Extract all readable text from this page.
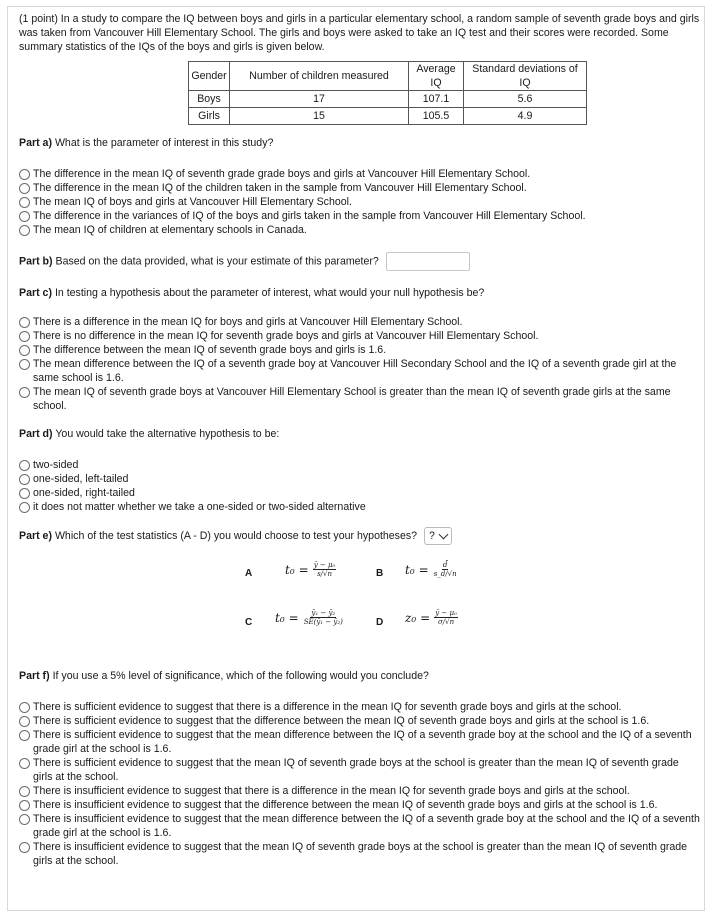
(1 point) In a study to compare the IQ between boys and girls in a particular elementary school, a random sample of seventh grade boys and girls was taken from Vancouver Hill Elementary School. The girls and boys were asked to take an IQ test and their scores were recorded. Some summary statistics of the IQs of the boys and girls is given below.

Gender	Number of children measured	Average IQ	Standard deviations of IQ
Boys	17	107.1	5.6
Girls	15	105.5	4.9

Part a) What is the parameter of interest in this study?

The difference in the mean IQ of seventh grade grade boys and girls at Vancouver Hill Elementary School.
The difference in the mean IQ of the children taken in the sample from Vancouver Hill Elementary School.
The mean IQ of boys and girls at Vancouver Hill Elementary School.
The difference in the variances of IQ of the boys and girls taken in the sample from Vancouver Hill Elementary School.
The mean IQ of children at elementary schools in Canada.

Part b) Based on the data provided, what is your estimate of this parameter?

Part c) In testing a hypothesis about the parameter of interest, what would your null hypothesis be?

There is a difference in the mean IQ for boys and girls at Vancouver Hill Elementary School.
There is no difference in the mean IQ for seventh grade boys and girls at Vancouver Hill Elementary School.
The difference between the mean IQ of seventh grade boys and girls is 1.6.
The mean difference between the IQ of a seventh grade boy at Vancouver Hill Secondary School and the IQ of a seventh grade girl at the same school is 1.6.
The mean IQ of seventh grade boys at Vancouver Hill Elementary School is greater than the mean IQ of seventh grade girls at the same school.

Part d) You would take the alternative hypothesis to be:

two-sided
one-sided, left-tailed
one-sided, right-tailed
it does not matter whether we take a one-sided or two-sided alternative

Part e) Which of the test statistics (A - D) you would choose to test your hypotheses? ?

A	$t_0 = \frac{\text{ȳ − μ₀}}{s/√n}$	B $t_0 = \frac{d̄}{s\_d/√n}$
C $t_0 = \frac{\text{ȳ₁ − ȳ₂}}{\text{SE(ȳ₁ − ȳ₂)}}$	D $z_0 = \frac{\text{ȳ − μ₀}}{\sigma/√n}$

Part f) If you use a 5% level of significance, which of the following would you conclude?

There is sufficient evidence to suggest that there is a difference in the mean IQ for seventh grade boys and girls at the school.
There is sufficient evidence to suggest that the difference between the mean IQ of seventh grade boys and girls at the school is 1.6.
There is sufficient evidence to suggest that the mean difference between the IQ of a seventh grade boy at the school and the IQ of a seventh grade girl at the school is 1.6.
There is sufficient evidence to suggest that the mean IQ of seventh grade boys at the school is greater than the mean IQ of seventh grade girls at the school.
There is insufficient evidence to suggest that there is a difference in the mean IQ for seventh grade boys and girls at the school.
There is insufficient evidence to suggest that the difference between the mean IQ of seventh grade boys and girls at the school is 1.6.
There is insufficient evidence to suggest that the mean difference between the IQ of a seventh grade boy at the school and the IQ of a seventh grade girl at the school is 1.6.
There is insufficient evidence to suggest that the mean IQ of seventh grade boys at the school is greater than the mean IQ of seventh grade girls at the school.
